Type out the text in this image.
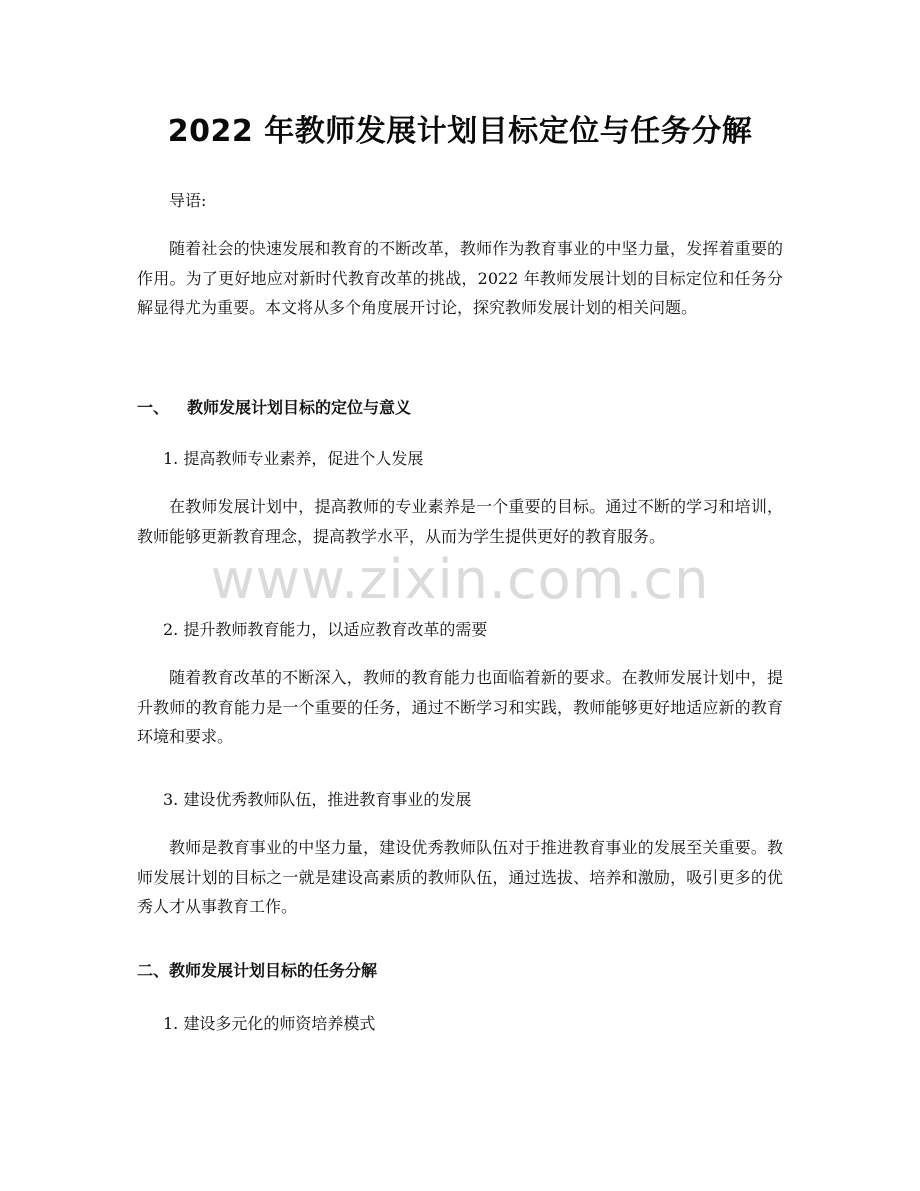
2022 年教师发展计划目标定位与任务分解
导语:
随着社会的快速发展和教育的不断改革，教师作为教育事业的中坚力量，发挥着重要的作用。为了更好地应对新时代教育改革的挑战，2022 年教师发展计划的目标定位和任务分解显得尤为重要。本文将从多个角度展开讨论，探究教师发展计划的相关问题。
一、 教师发展计划目标的定位与意义
1. 提高教师专业素养，促进个人发展
在教师发展计划中，提高教师的专业素养是一个重要的目标。通过不断的学习和培训，教师能够更新教育理念，提高教学水平，从而为学生提供更好的教育服务。
2. 提升教师教育能力，以适应教育改革的需要
随着教育改革的不断深入，教师的教育能力也面临着新的要求。在教师发展计划中，提升教师的教育能力是一个重要的任务，通过不断学习和实践，教师能够更好地适应新的教育环境和要求。
3. 建设优秀教师队伍，推进教育事业的发展
教师是教育事业的中坚力量，建设优秀教师队伍对于推进教育事业的发展至关重要。教师发展计划的目标之一就是建设高素质的教师队伍，通过选拔、培养和激励，吸引更多的优秀人才从事教育工作。
二、教师发展计划目标的任务分解
1. 建设多元化的师资培养模式
www.zixin.com.cn
